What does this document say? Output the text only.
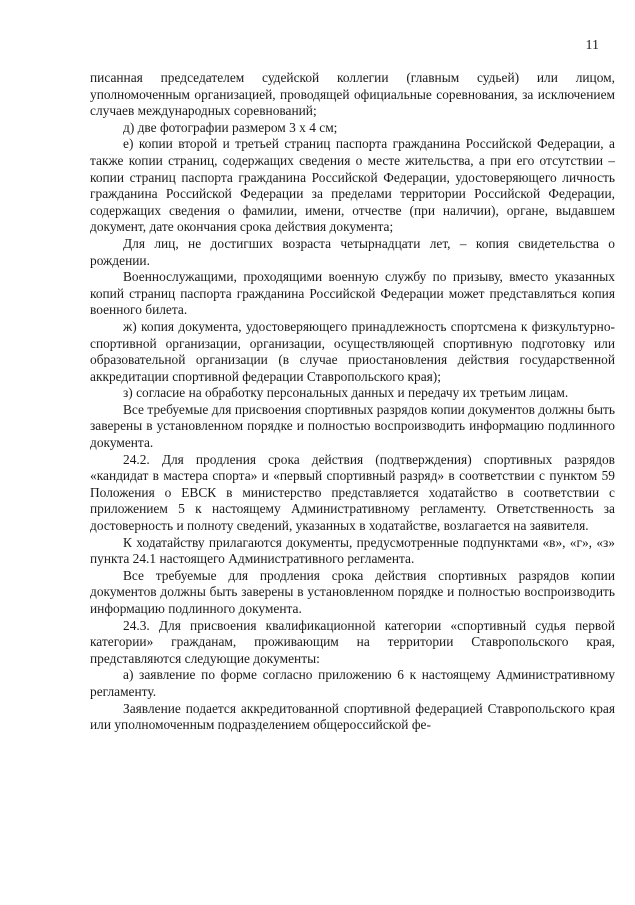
11

писанная председателем судейской коллегии (главным судьей) или лицом, уполномоченным организацией, проводящей официальные соревнования, за исключением случаев международных соревнований;

д) две фотографии размером 3 x 4 см;

е) копии второй и третьей страниц паспорта гражданина Российской Федерации, а также копии страниц, содержащих сведения о месте жительства, а при его отсутствии – копии страниц паспорта гражданина Российской Федерации, удостоверяющего личность гражданина Российской Федерации за пределами территории Российской Федерации, содержащих сведения о фамилии, имени, отчестве (при наличии), органе, выдавшем документ, дате окончания срока действия документа;

Для лиц, не достигших возраста четырнадцати лет, – копия свидетельства о рождении.

Военнослужащими, проходящими военную службу по призыву, вместо указанных копий страниц паспорта гражданина Российской Федерации может представляться копия военного билета.

ж) копия документа, удостоверяющего принадлежность спортсмена к физкультурно-спортивной организации, организации, осуществляющей спортивную подготовку или образовательной организации (в случае приостановления действия государственной аккредитации спортивной федерации Ставропольского края);

з) согласие на обработку персональных данных и передачу их третьим лицам.

Все требуемые для присвоения спортивных разрядов копии документов должны быть заверены в установленном порядке и полностью воспроизводить информацию подлинного документа.

24.2. Для продления срока действия (подтверждения) спортивных разрядов «кандидат в мастера спорта» и «первый спортивный разряд» в соответствии с пунктом 59 Положения о ЕВСК в министерство представляется ходатайство в соответствии с приложением 5 к настоящему Административному регламенту. Ответственность за достоверность и полноту сведений, указанных в ходатайстве, возлагается на заявителя.

К ходатайству прилагаются документы, предусмотренные подпунктами «в», «г», «з» пункта 24.1 настоящего Административного регламента.

Все требуемые для продления срока действия спортивных разрядов копии документов должны быть заверены в установленном порядке и полностью воспроизводить информацию подлинного документа.

24.3. Для присвоения квалификационной категории «спортивный судья первой категории» гражданам, проживающим на территории Ставропольского края, представляются следующие документы:

а) заявление по форме согласно приложению 6 к настоящему Административному регламенту.

Заявление подается аккредитованной спортивной федерацией Ставропольского края или уполномоченным подразделением общероссийской фе-
